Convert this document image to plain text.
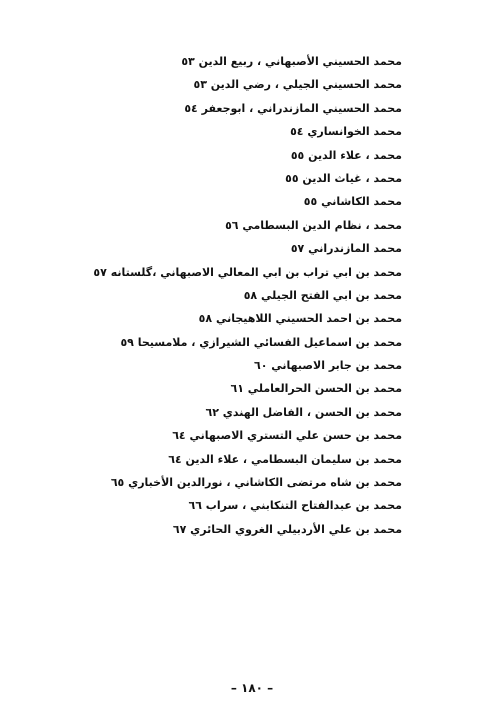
محمد الحسيني الأصبهاني ، ربيع الدين ٥٣
محمد الحسيني الجيلي ، رضي الدين ٥٣
محمد الحسيني المازندراني ، ابوجعفر ٥٤
محمد الخوانساري ٥٤
محمد ، علاء الدين ٥٥
محمد ، غياث الدين ٥٥
محمد الكاشاني ٥٥
محمد ، نظام الدين البسطامي ٥٦
محمد المازندراني ٥٧
محمد بن ابي تراب بن ابي المعالي الاصبهاني ،گلستانه ٥٧
محمد بن ابي الفتح الجيلي ٥٨
محمد بن احمد الحسيني اللاهيجاني ٥٨
محمد بن اسماعيل الفسائي الشيرازي ، ملامسيحا ٥٩
محمد بن جابر الاصبهاني ٦٠
محمد بن الحسن الحرالعاملي ٦١
محمد بن الحسن ، الفاضل الهندي ٦٢
محمد بن حسن علي التستري الاصبهاني ٦٤
محمد بن سليمان البسطامي ، علاء الدين ٦٤
محمد بن شاه مرتضى الكاشاني ، نورالدين الأخباري ٦٥
محمد بن عبدالفتاح التنكابني ، سراب ٦٦
محمد بن علي الأردبيلي الغروي الحائري ٦٧
– ١٨٠ –
